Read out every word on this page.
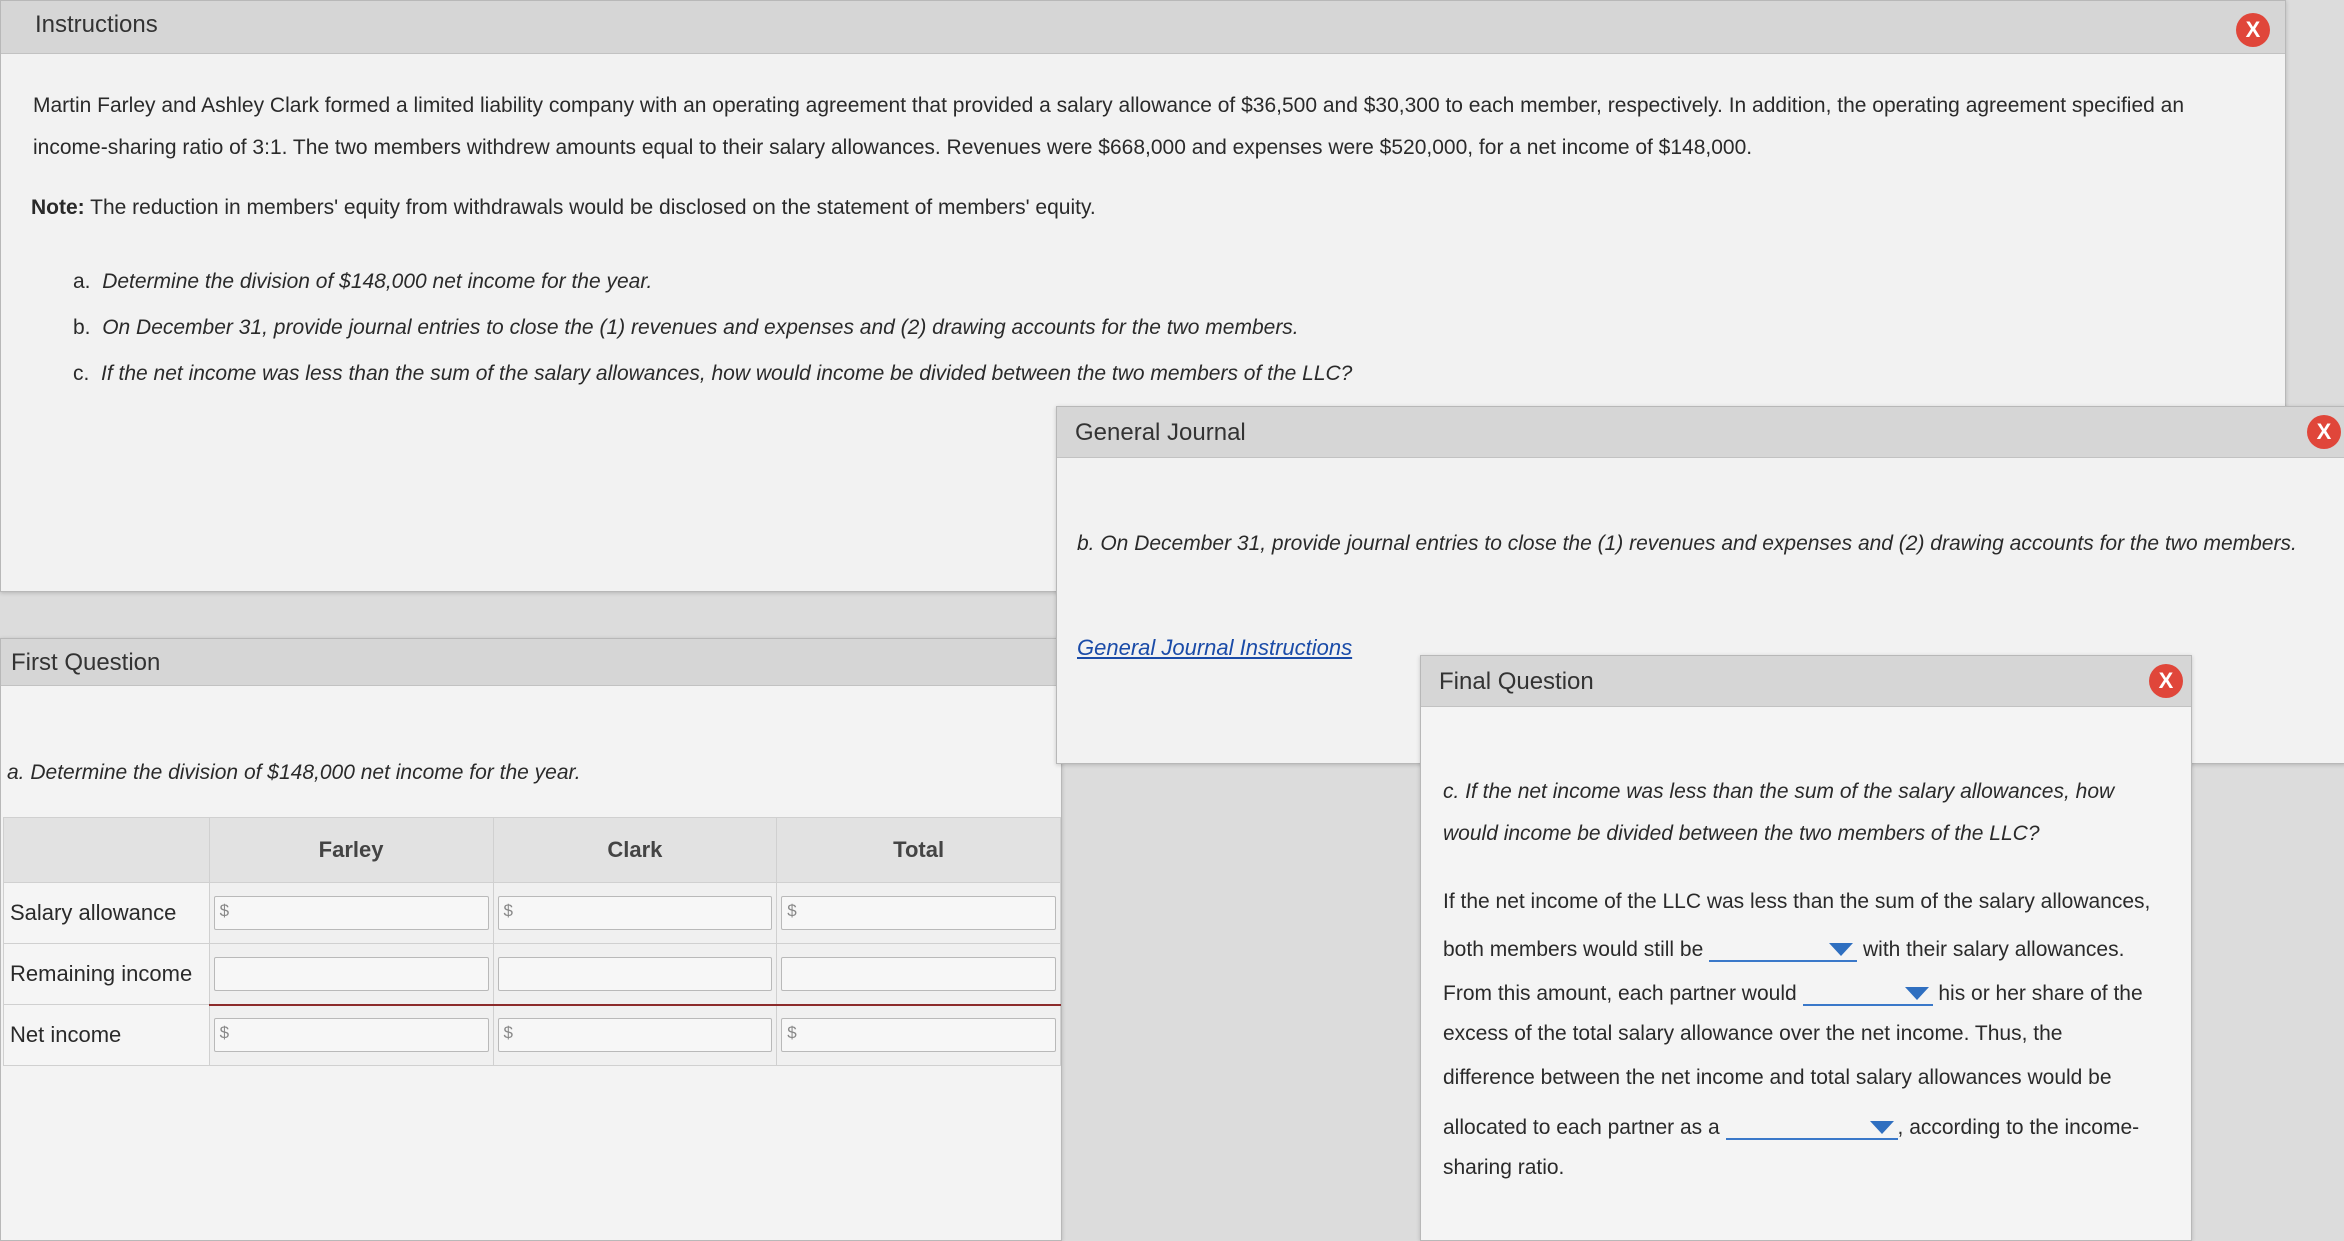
Instructions	X
Martin Farley and Ashley Clark formed a limited liability company with an operating agreement that provided a salary allowance of $36,500 and $30,300 to each member, respectively. In addition, the operating agreement specified an
income-sharing ratio of 3:1. The two members withdrew amounts equal to their salary allowances. Revenues were $668,000 and expenses were $520,000, for a net income of $148,000.
Note: The reduction in members' equity from withdrawals would be disclosed on the statement of members' equity.
a. Determine the division of $148,000 net income for the year.
b. On December 31, provide journal entries to close the (1) revenues and expenses and (2) drawing accounts for the two members.
c. If the net income was less than the sum of the salary allowances, how would income be divided between the two members of the LLC?
First Question
a. Determine the division of $148,000 net income for the year.
	Farley	Clark	Total
Salary allowance	$	$	$

Remaining income	

Net income	$	$	$
General Journal	X
b. On December 31, provide journal entries to close the (1) revenues and expenses and (2) drawing accounts for the two members.
General Journal Instructions
Final Question	X
c. If the net income was less than the sum of the salary allowances, how
would income be divided between the two members of the LLC?
If the net income of the LLC was less than the sum of the salary allowances,
both members would still be	with their salary allowances.
From this amount, each partner would	his or her share of the
excess of the total salary allowance over the net income. Thus, the
difference between the net income and total salary allowances would be
allocated to each partner as a	, according to the income-
sharing ratio.
